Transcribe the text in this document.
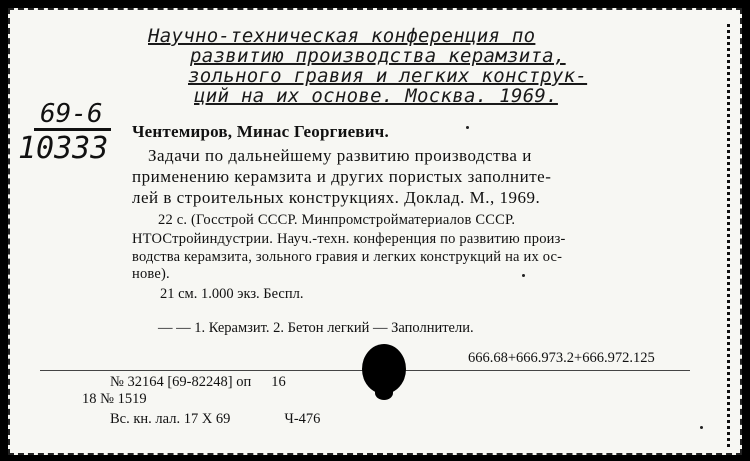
Научно-техническая конференция по
развитию производства керамзита,
зольного гравия и легких конструк-
ций на их основе. Москва. 1969.
69-6
10333 Чентемиров, Минас Георгиевич.
Задачи по дальнейшему развитию производства и
применению керамзита и других пористых заполните-
лей в строительных конструкциях. Доклад. М., 1969.
22 с. (Госстрой СССР. Минпромстройматериалов СССР.
НТОСтройиндустрии. Науч.-техн. конференция по развитию произ-
водства керамзита, зольного гравия и легких конструкций на их ос-
нове).
21 см. 1.000 экз. Беспл.
— — 1. Керамзит. 2. Бетон легкий — Заполнители.
666.68+666.973.2+666.972.125
№ 32164 [69-82248] оп 16
18 № 1519
Вс. кн. лал. 17 X 69	Ч-476
